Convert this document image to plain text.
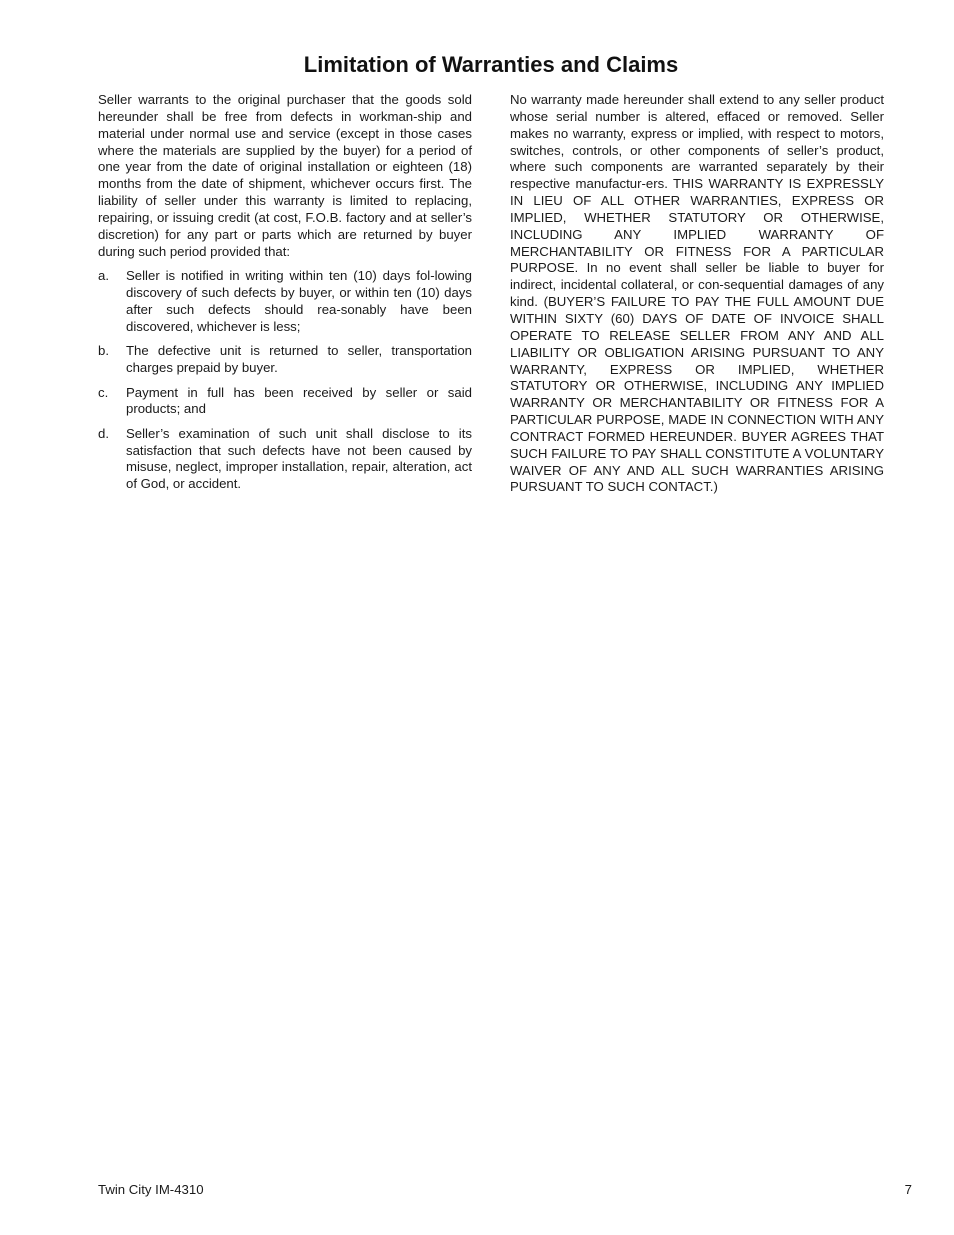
Limitation of Warranties and Claims

Seller warrants to the original purchaser that the goods sold hereunder shall be free from defects in workman-ship and material under normal use and service (except in those cases where the materials are supplied by the buyer) for a period of one year from the date of original installation or eighteen (18) months from the date of shipment, whichever occurs first. The liability of seller under this warranty is limited to replacing, repairing, or issuing credit (at cost, F.O.B. factory and at seller’s discretion) for any part or parts which are returned by buyer during such period provided that:

a. Seller is notified in writing within ten (10) days fol-lowing discovery of such defects by buyer, or within ten (10) days after such defects should rea-sonably have been discovered, whichever is less;
b. The defective unit is returned to seller, transportation charges prepaid by buyer.
c. Payment in full has been received by seller or said products; and
d. Seller’s examination of such unit shall disclose to its satisfaction that such defects have not been caused by misuse, neglect, improper installation, repair, alteration, act of God, or accident.

No warranty made hereunder shall extend to any seller product whose serial number is altered, effaced or removed. Seller makes no warranty, express or implied, with respect to motors, switches, controls, or other components of seller’s product, where such components are warranted separately by their respective manufactur-ers. THIS WARRANTY IS EXPRESSLY IN LIEU OF ALL OTHER WARRANTIES, EXPRESS OR IMPLIED, WHETHER STATUTORY OR OTHERWISE, INCLUDING ANY IMPLIED WARRANTY OF MERCHANTABILITY OR FITNESS FOR A PARTICULAR PURPOSE. In no event shall seller be liable to buyer for indirect, incidental collateral, or con-sequential damages of any kind. (BUYER’S FAILURE TO PAY THE FULL AMOUNT DUE WITHIN SIXTY (60) DAYS OF DATE OF INVOICE SHALL OPERATE TO RELEASE SELLER FROM ANY AND ALL LIABILITY OR OBLIGATION ARISING PURSUANT TO ANY WARRANTY, EXPRESS OR IMPLIED, WHETHER STATUTORY OR OTHERWISE, INCLUDING ANY IMPLIED WARRANTY OR MERCHANTABILITY OR FITNESS FOR A PARTICULAR PURPOSE, MADE IN CONNECTION WITH ANY CONTRACT FORMED HEREUNDER. BUYER AGREES THAT SUCH FAILURE TO PAY SHALL CONSTITUTE A VOLUNTARY WAIVER OF ANY AND ALL SUCH WARRANTIES ARISING PURSUANT TO SUCH CONTACT.)

Twin City IM-4310	7
